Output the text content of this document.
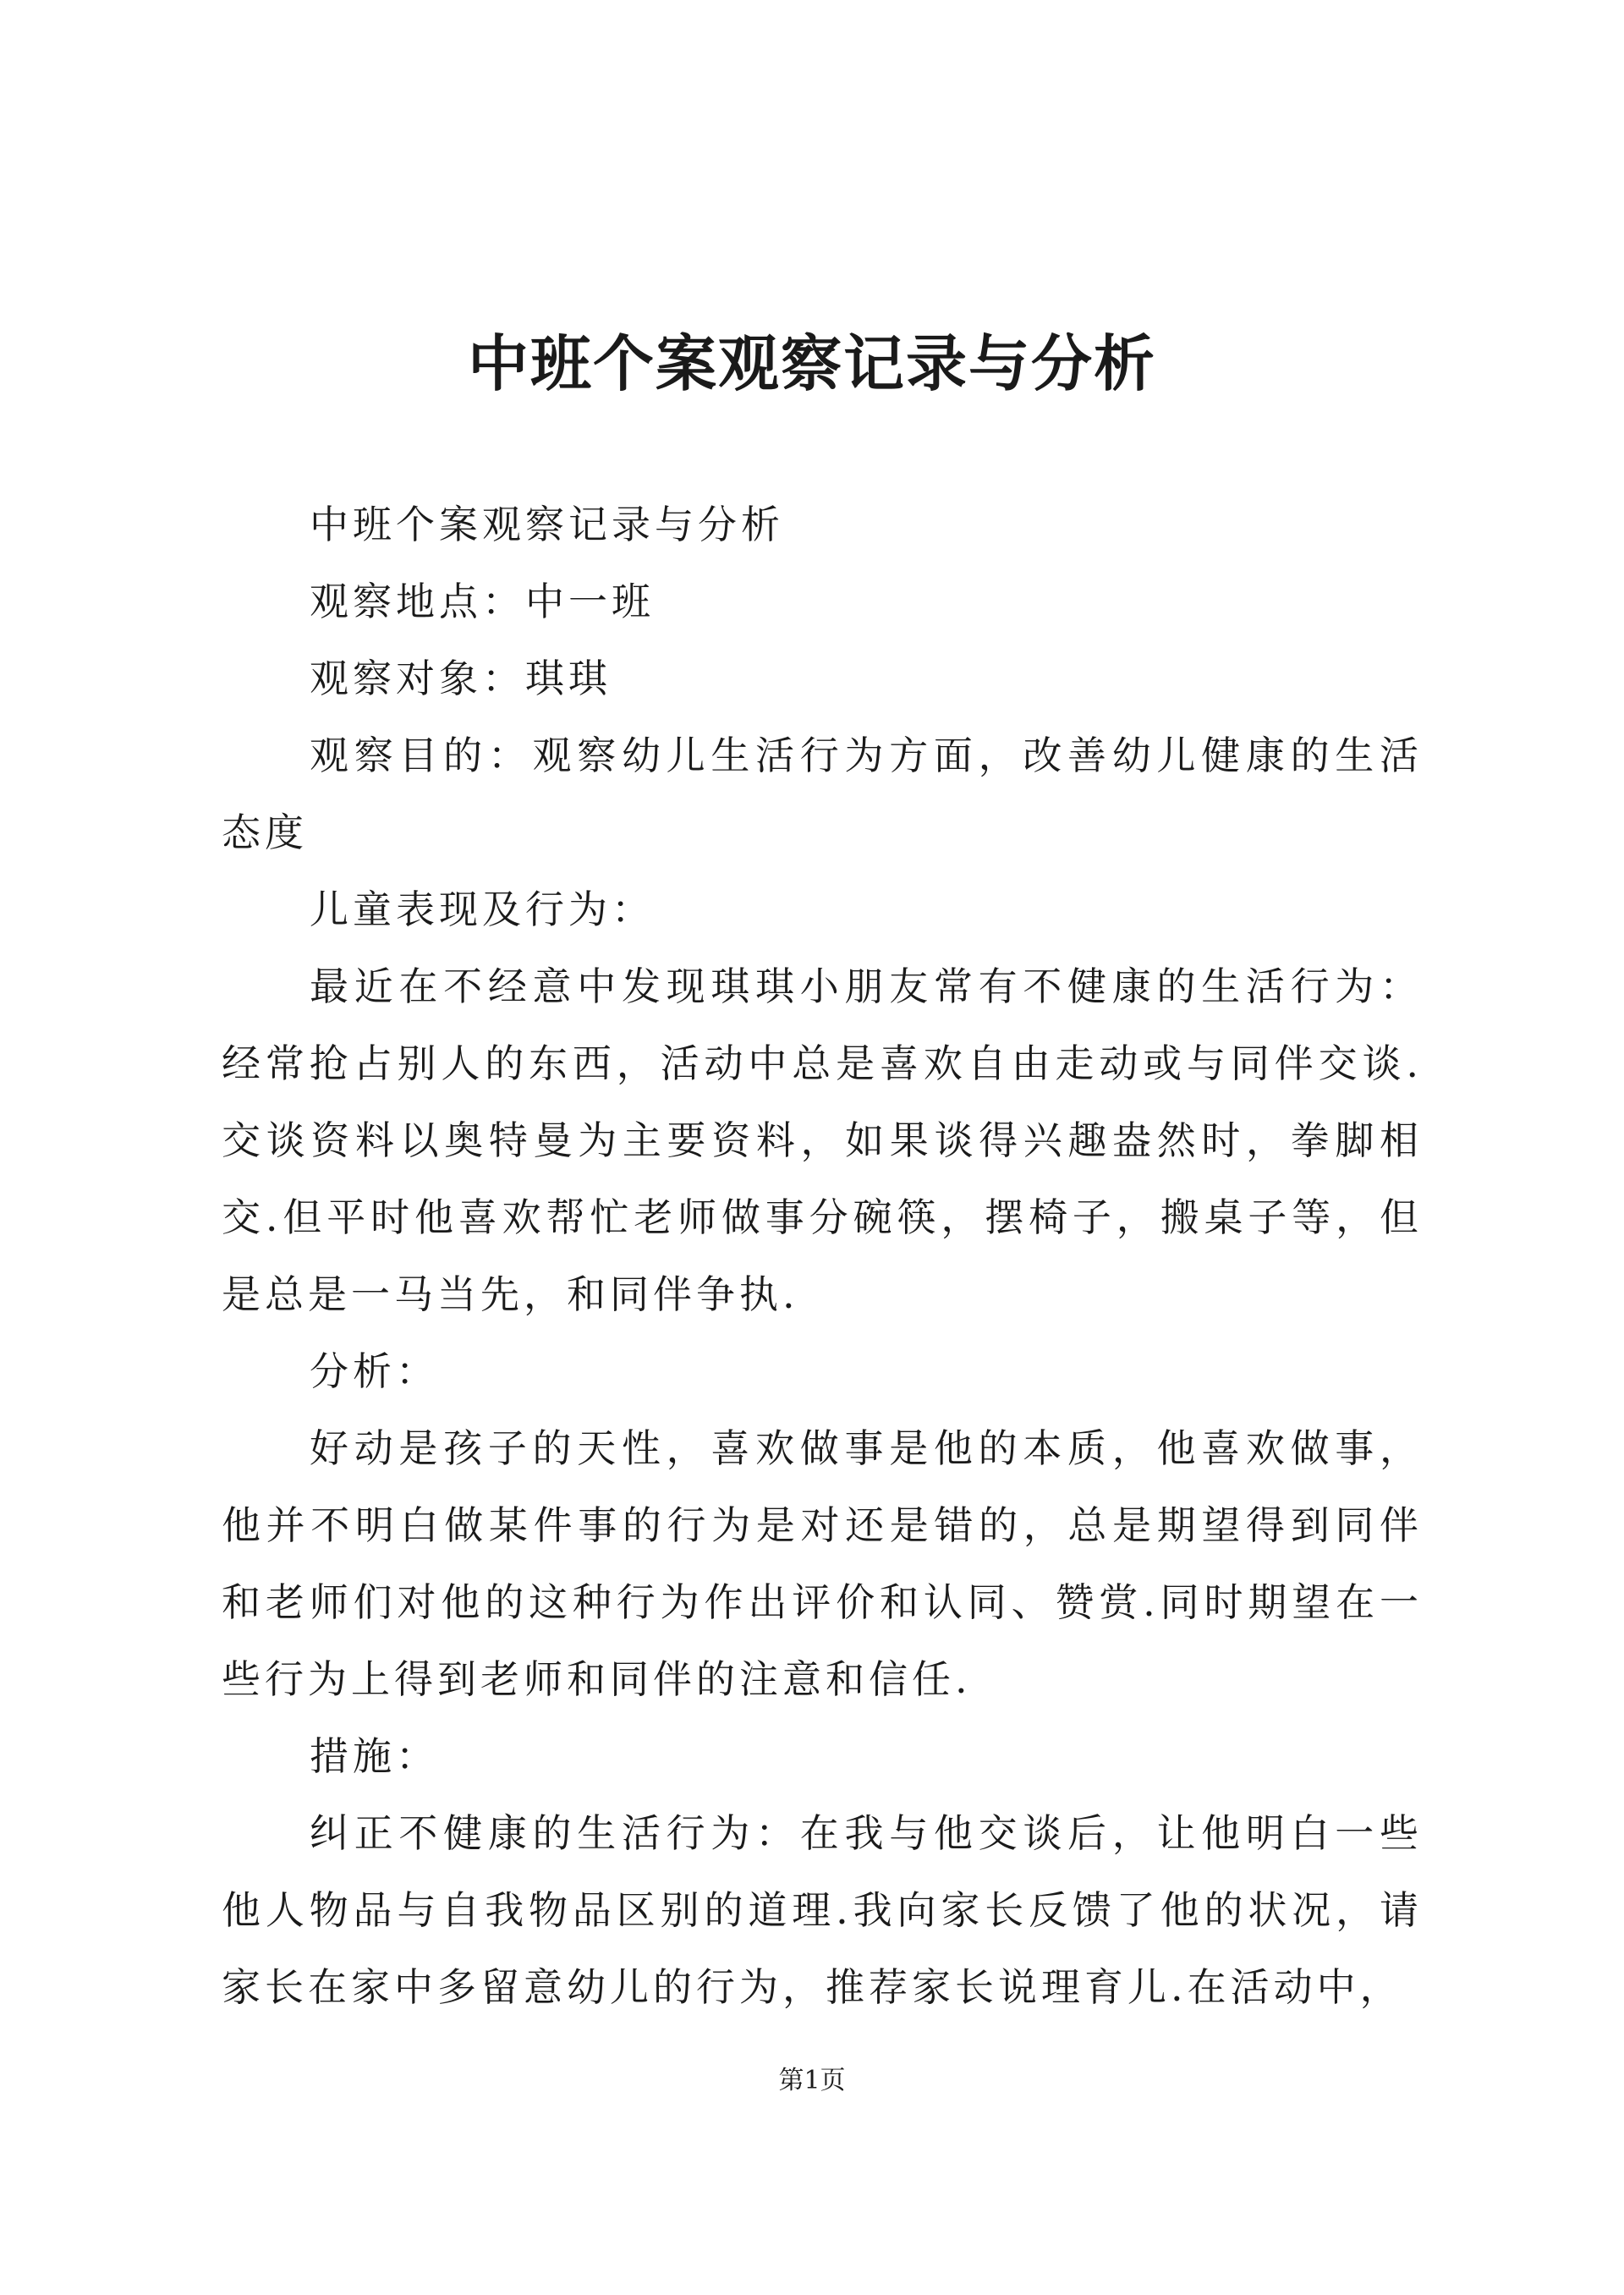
中班个案观察记录与分析

中班个案观察记录与分析

观察地点：中一班

观察对象：琪琪

观察目的：观察幼儿生活行为方面，改善幼儿健康的生活态度

儿童表现及行为：

最近在不经意中发现琪琪小朋友常有不健康的生活行为：经常抢占别人的东西，活动中总是喜欢自由走动或与同伴交谈.交谈资料以奥特曼为主要资料，如果谈得兴趣盎然时，拳脚相交.但平时他喜欢帮忙老师做事分碗筷，摆椅子，搬桌子等，但是总是一马当先，和同伴争执.

分析：

好动是孩子的天性，喜欢做事是他的本质，他喜欢做事，他并不明白做某件事的行为是对还是错的，总是期望得到同伴和老师们对他的这种行为作出评价和认同、赞赏.同时期望在一些行为上得到老师和同伴的注意和信任.

措施：

纠正不健康的生活行为：在我与他交谈后，让他明白一些他人物品与自我物品区别的道理.我向家长反馈了他的状况，请家长在家中多留意幼儿的行为，推荐家长说理育儿.在活动中，

第1页
